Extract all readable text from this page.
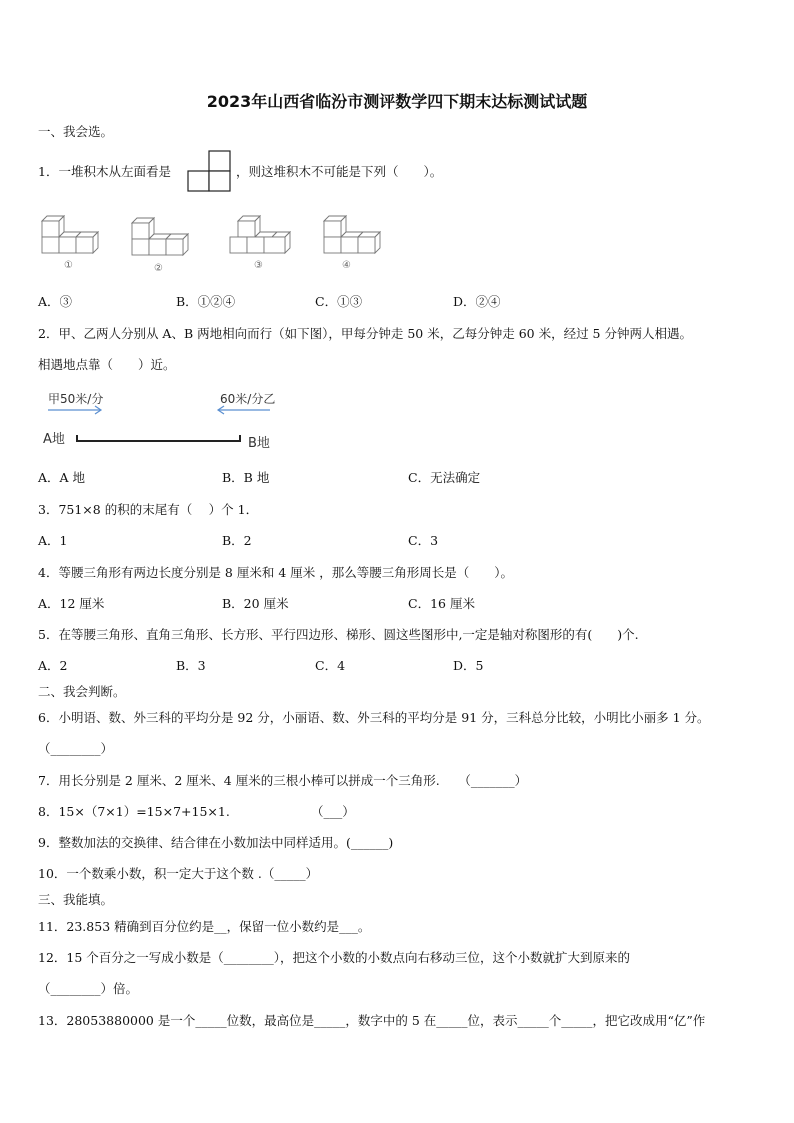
2023年山西省临汾市测评数学四下期末达标测试试题
一、我会选。
1．一堆积木从左面看是	，则这堆积木不可能是下列（　　）。
①	②	③	④
A．③	B．①②④	C．①③	D．②④
2．甲、乙两人分别从 A、B 两地相向而行（如下图），甲每分钟走 50 米，乙每分钟走 60 米，经过 5 分钟两人相遇。
相遇地点靠（　　）近。
甲50米/分	60米/分乙
A地	B地
A．A 地	B．B 地	C．无法确定
3．751×8 的积的末尾有（　 ）个 1．
A．1	B．2	C．3
4．等腰三角形有两边长度分别是 8 厘米和 4 厘米 ，那么等腰三角形周长是（　　）。
A．12 厘米	B．20 厘米	C．16 厘米
5．在等腰三角形、直角三角形、长方形、平行四边形、梯形、圆这些图形中,一定是轴对称图形的有(　　)个.
A．2	B．3	C．4	D．5
二、我会判断。
6．小明语、数、外三科的平均分是 92 分，小丽语、数、外三科的平均分是 91 分，三科总分比较，小明比小丽多 1 分。
（________）
7．用长分别是 2 厘米、2 厘米、4 厘米的三根小棒可以拼成一个三角形.　　（_______）
8．15×（7×1）=15×7+15×1.　　　　　　　（___）
9．整数加法的交换律、结合律在小数加法中同样适用。(______)
10．一个数乘小数，积一定大于这个数 .（_____）
三、我能填。
11．23.853 精确到百分位约是__，保留一位小数约是___。
12．15 个百分之一写成小数是（________），把这个小数的小数点向右移动三位，这个小数就扩大到原来的
（________）倍。
13．28053880000 是一个_____位数，最高位是_____，数字中的 5 在_____位，表示_____个_____，把它改成用“亿”作
